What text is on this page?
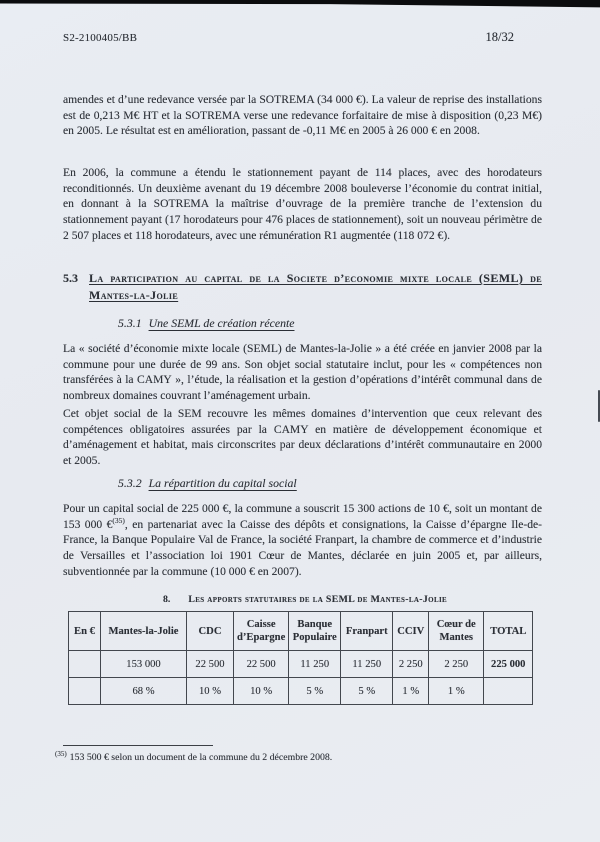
S2-2100405/BB	18/32

amendes et d’une redevance versée par la SOTREMA (34 000 €). La valeur de reprise des installations est de 0,213 M€ HT et la SOTREMA verse une redevance forfaitaire de mise à disposition (0,23 M€) en 2005. Le résultat est en amélioration, passant de -0,11 M€ en 2005 à 26 000 € en 2008.

En 2006, la commune a étendu le stationnement payant de 114 places, avec des horodateurs reconditionnés. Un deuxième avenant du 19 décembre 2008 bouleverse l’économie du contrat initial, en donnant à la SOTREMA la maîtrise d’ouvrage de la première tranche de l’extension du stationnement payant (17 horodateurs pour 476 places de stationnement), soit un nouveau périmètre de 2 507 places et 118 horodateurs, avec une rémunération R1 augmentée (118 072 €).

5.3 La participation au capital de la Societe d’economie mixte locale (SEML) de Mantes-la-Jolie
5.3.1 Une SEML de création récente

La « société d’économie mixte locale (SEML) de Mantes-la-Jolie » a été créée en janvier 2008 par la commune pour une durée de 99 ans. Son objet social statutaire inclut, pour les « compétences non transférées à la CAMY », l’étude, la réalisation et la gestion d’opérations d’intérêt communal dans de nombreux domaines couvrant l’aménagement urbain.

Cet objet social de la SEM recouvre les mêmes domaines d’intervention que ceux relevant des compétences obligatoires assurées par la CAMY en matière de développement économique et d’aménagement et habitat, mais circonscrites par deux déclarations d’intérêt communautaire en 2000 et 2005.

5.3.2 La répartition du capital social

Pour un capital social de 225 000 €, la commune a souscrit 15 300 actions de 10 €, soit un montant de 153 000 €$^{(35)}$, en partenariat avec la Caisse des dépôts et consignations, la Caisse d’épargne Ile-de-France, la Banque Populaire Val de France, la société Franpart, la chambre de commerce et d’industrie de Versailles et l’association loi 1901 Cœur de Mantes, déclarée en juin 2005 et, par ailleurs, subventionnée par la commune (10 000 € en 2007).

8. Les apports statutaires de la SEML de Mantes-la-Jolie
En €	Mantes-la-Jolie	CDC	Caisse d’Epargne	Banque Populaire	Franpart	CCIV	Cœur de Mantes	TOTAL
	153 000	22 500	22 500	11 250	11 250	2 250	2 250	225 000
	68 %	10 %	10 %	5 %	5 %	1 %	1 %	
$^{(35)}$ 153 500 € selon un document de la commune du 2 décembre 2008.
